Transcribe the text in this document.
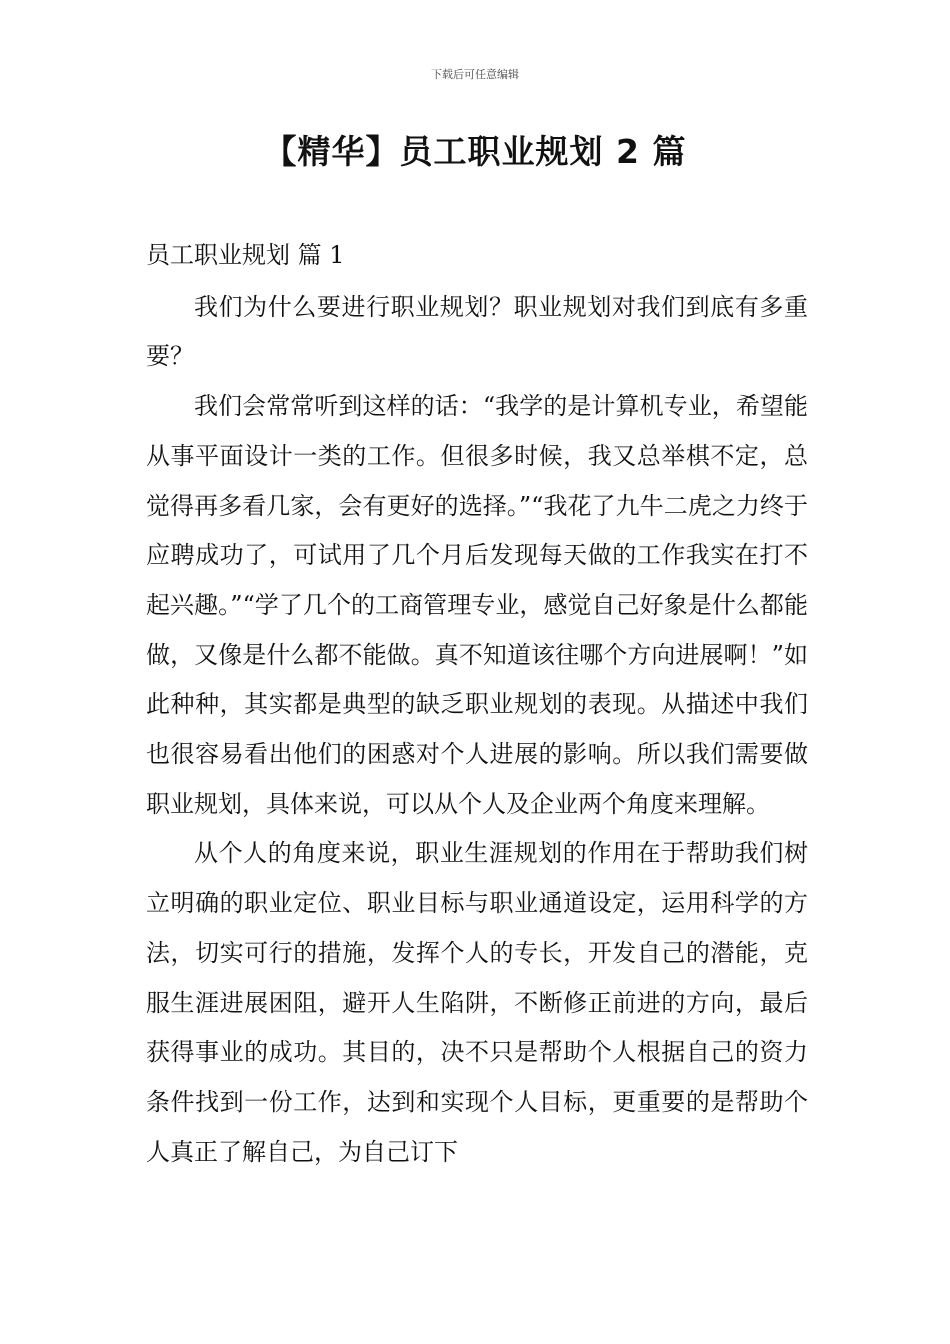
下载后可任意编辑
【精华】员工职业规划 2 篇
员工职业规划 篇 1

我们为什么要进行职业规划？职业规划对我们到底有多重要？

我们会常常听到这样的话：“我学的是计算机专业，希望能从事平面设计一类的工作。但很多时候，我又总举棋不定，总觉得再多看几家，会有更好的选择。”“我花了九牛二虎之力终于应聘成功了，可试用了几个月后发现每天做的工作我实在打不起兴趣。”“学了几个的工商管理专业，感觉自己好象是什么都能做，又像是什么都不能做。真不知道该往哪个方向进展啊！”如此种种，其实都是典型的缺乏职业规划的表现。从描述中我们也很容易看出他们的困惑对个人进展的影响。所以我们需要做职业规划，具体来说，可以从个人及企业两个角度来理解。

从个人的角度来说，职业生涯规划的作用在于帮助我们树立明确的职业定位、职业目标与职业通道设定，运用科学的方法，切实可行的措施，发挥个人的专长，开发自己的潜能，克服生涯进展困阻，避开人生陷阱，不断修正前进的方向，最后获得事业的成功。其目的，决不只是帮助个人根据自己的资力条件找到一份工作，达到和实现个人目标，更重要的是帮助个人真正了解自己，为自己订下
